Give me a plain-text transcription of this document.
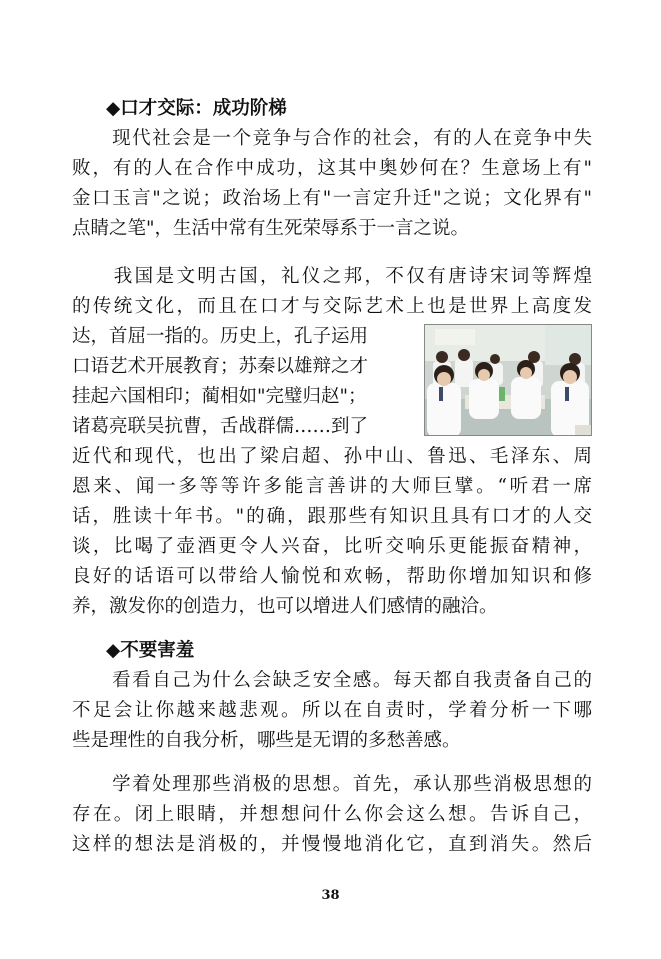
◆口才交际：成功阶梯
　　现代社会是一个竞争与合作的社会，有的人在竞争中失
败，有的人在合作中成功，这其中奥妙何在？生意场上有"
金口玉言"之说；政治场上有"一言定升迁"之说；文化界有"
点睛之笔"，生活中常有生死荣辱系于一言之说。
　　我国是文明古国，礼仪之邦，不仅有唐诗宋词等辉煌
的传统文化，而且在口才与交际艺术上也是世界上高度发
达，首屈一指的。历史上，孔子运用
口语艺术开展教育；苏秦以雄辩之才
挂起六国相印；蔺相如"完璧归赵"；
诸葛亮联吴抗曹，舌战群儒……到了
近代和现代，也出了梁启超、孙中山、鲁迅、毛泽东、周
恩来、闻一多等等许多能言善讲的大师巨擘。“听君一席
话，胜读十年书。"的确，跟那些有知识且具有口才的人交
谈，比喝了壶酒更令人兴奋，比听交响乐更能振奋精神，
良好的话语可以带给人愉悦和欢畅，帮助你增加知识和修
养，激发你的创造力，也可以增进人们感情的融洽。
◆不要害羞
　　看看自己为什么会缺乏安全感。每天都自我责备自己的
不足会让你越来越悲观。所以在自责时，学着分析一下哪
些是理性的自我分析，哪些是无谓的多愁善感。
　　学着处理那些消极的思想。首先，承认那些消极思想的
存在。闭上眼睛，并想想问什么你会这么想。告诉自己，
这样的想法是消极的，并慢慢地消化它，直到消失。然后
38
